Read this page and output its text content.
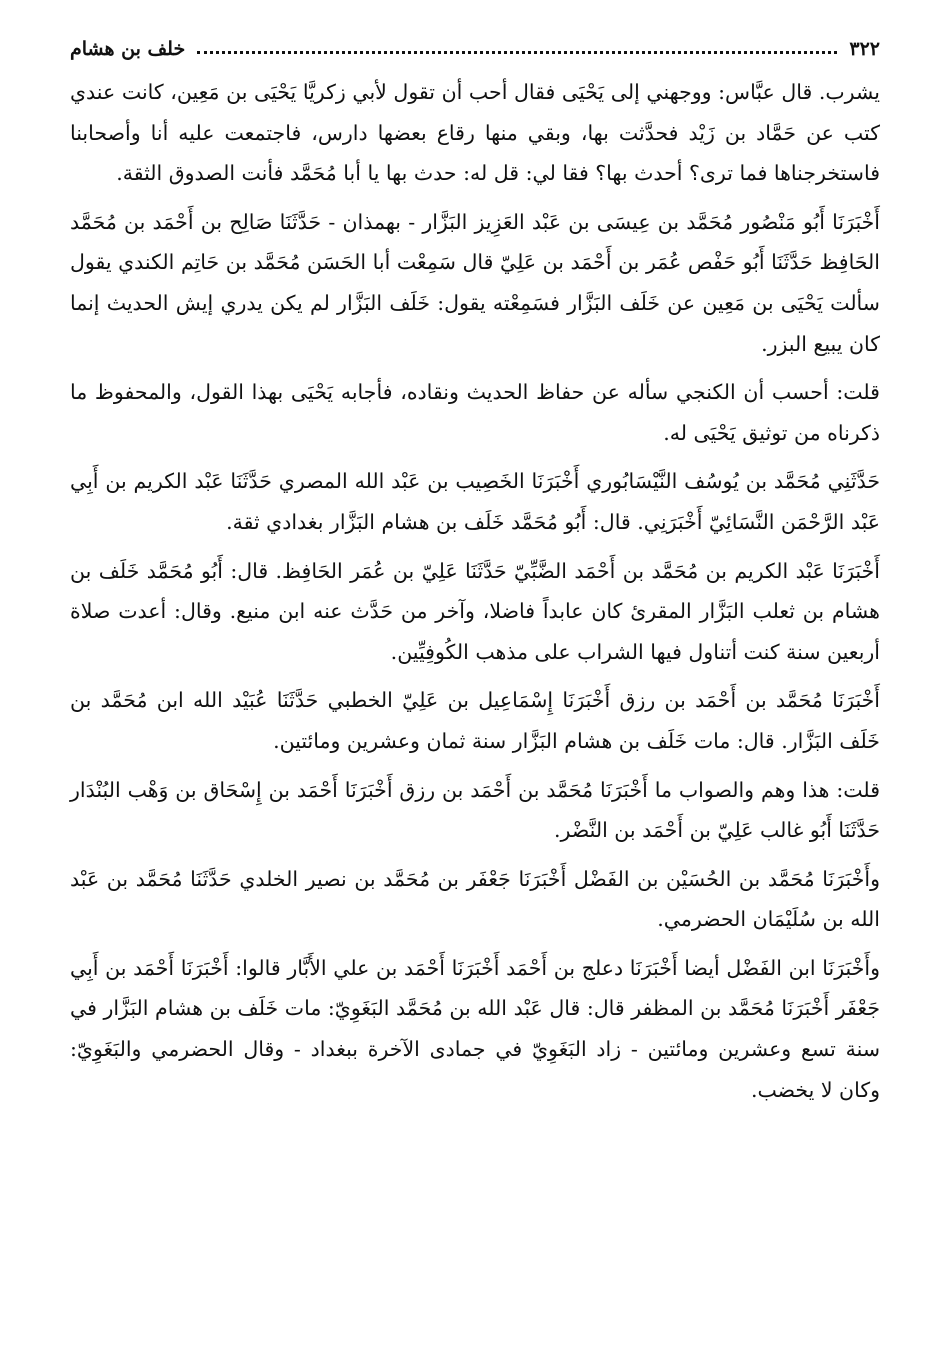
٣٢٢
خلف بن هشام

يشرب. قال عبَّاس: ووجهني إلى يَحْيَى فقال أحب أن تقول لأبي زكريَّا يَحْيَى بن مَعِين، كانت عندي كتب عن حَمَّاد بن زَيْد فحدَّثت بها، وبقي منها رقاع بعضها دارس، فاجتمعت عليه أنا وأصحابنا فاستخرجناها فما ترى؟ أحدث بها؟ فقا لي: قل له: حدث بها يا أبا مُحَمَّد فأنت الصدوق الثقة.

أَخْبَرَنَا أَبُو مَنْصُور مُحَمَّد بن عِيسَى بن عَبْد العَزِيز البَزَّار - بهمذان - حَدَّثَنَا صَالِح بن أَحْمَد بن مُحَمَّد الحَافِظ حَدَّثَنَا أَبُو حَفْص عُمَر بن أَحْمَد بن عَلِيّ قال سَمِعْت أبا الحَسَن مُحَمَّد بن حَاتِم الكندي يقول سألت يَحْيَى بن مَعِين عن خَلَف البَزَّار فسَمِعْته يقول: خَلَف البَزَّار لم يكن يدري إيش الحديث إنما كان يبيع البزر.

قلت: أحسب أن الكنجي سأله عن حفاظ الحديث ونقاده، فأجابه يَحْيَى بهذا القول، والمحفوظ ما ذكرناه من توثيق يَحْيَى له.

حَدَّثَنِي مُحَمَّد بن يُوسُف النَّيْسَابُوري أَخْبَرَنَا الخَصِيب بن عَبْد الله المصري حَدَّثَنَا عَبْد الكريم بن أَبِي عَبْد الرَّحْمَن النَّسَائِيّ أَخْبَرَنِي. قال: أَبُو مُحَمَّد خَلَف بن هشام البَزَّار بغدادي ثقة.

أَخْبَرَنَا عَبْد الكريم بن مُحَمَّد بن أَحْمَد الضَّبِّيّ حَدَّثَنَا عَلِيّ بن عُمَر الحَافِظ. قال: أَبُو مُحَمَّد خَلَف بن هشام بن ثعلب البَزَّار المقرئ كان عابداً فاضلا، وآخر من حَدَّث عنه ابن منيع. وقال: أعدت صلاة أربعين سنة كنت أتناول فيها الشراب على مذهب الكُوفِيِّين.

أَخْبَرَنَا مُحَمَّد بن أَحْمَد بن رزق أَخْبَرَنَا إِسْمَاعِيل بن عَلِيّ الخطبي حَدَّثَنَا عُبَيْد الله ابن مُحَمَّد بن خَلَف البَزَّار. قال: مات خَلَف بن هشام البَزَّار سنة ثمان وعشرين ومائتين.

قلت: هذا وهم والصواب ما أَخْبَرَنَا مُحَمَّد بن أَحْمَد بن رزق أَخْبَرَنَا أَحْمَد بن إِسْحَاق بن وَهْب البُنْدَار حَدَّثَنَا أَبُو غالب عَلِيّ بن أَحْمَد بن النَّضْر.

وأَخْبَرَنَا مُحَمَّد بن الحُسَيْن بن الفَضْل أَخْبَرَنَا جَعْفَر بن مُحَمَّد بن نصير الخلدي حَدَّثَنَا مُحَمَّد بن عَبْد الله بن سُلَيْمَان الحضرمي.

وأَخْبَرَنَا ابن الفَضْل أيضا أَخْبَرَنَا دعلج بن أَحْمَد أَخْبَرَنَا أَحْمَد بن علي الأَبَّار قالوا: أَخْبَرَنَا أَحْمَد بن أَبِي جَعْفَر أَخْبَرَنَا مُحَمَّد بن المظفر قال: قال عَبْد الله بن مُحَمَّد البَغَوِيّ: مات خَلَف بن هشام البَزَّار في سنة تسع وعشرين ومائتين - زاد البَغَوِيّ في جمادى الآخرة ببغداد - وقال الحضرمي والبَغَوِيّ: وكان لا يخضب.
